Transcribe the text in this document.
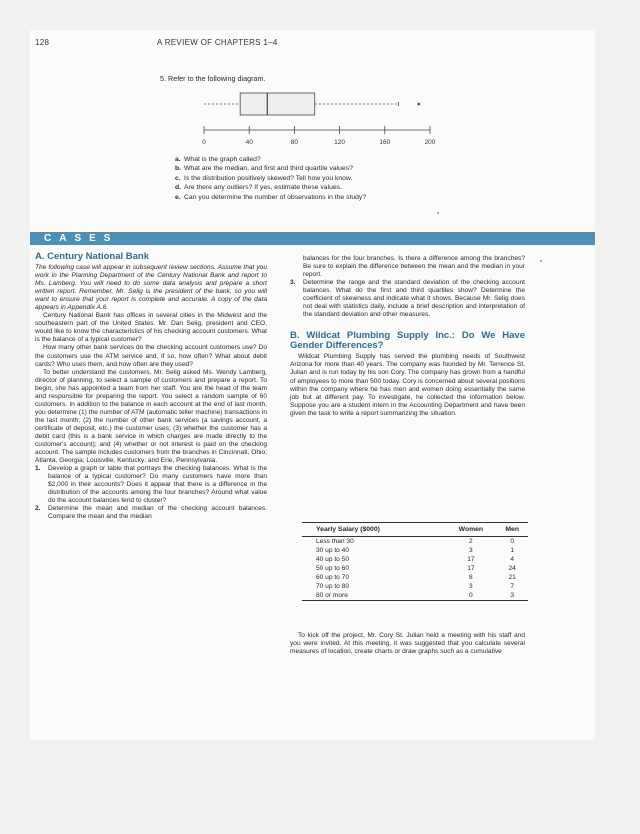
128	A REVIEW OF CHAPTERS 1–4
5. Refer to the following diagram.
0	40	80	120	160	200
a. What is the graph called?
b. What are the median, and first and third quartile values?
c. Is the distribution positively skewed? Tell how you know.
d. Are there any outliers? If yes, estimate these values.
e. Can you determine the number of observations in the study?
CASES
A. Century National Bank

The following case will appear in subsequent review sections. Assume that you work in the Planning Department of the Century National Bank and report to Ms. Lamberg. You will need to do some data analysis and prepare a short written report. Remember, Mr. Selig is the president of the bank, so you will want to ensure that your report is complete and accurate. A copy of the data appears in Appendix A.6.

Century National Bank has offices in several cities in the Midwest and the southeastern part of the United States. Mr. Dan Selig, president and CEO, would like to know the characteristics of his checking account customers. What is the balance of a typical customer?

How many other bank services do the checking account customers use? Do the customers use the ATM service and, if so, how often? What about debit cards? Who uses them, and how often are they used?

To better understand the customers, Mr. Selig asked Ms. Wendy Lamberg, director of planning, to select a sample of customers and prepare a report. To begin, she has appointed a team from her staff. You are the head of the team and responsible for preparing the report. You select a random sample of 60 customers. In addition to the balance in each account at the end of last month, you determine (1) the number of ATM (automatic teller machine) transactions in the last month; (2) the number of other bank services (a savings account, a certificate of deposit, etc.) the customer uses; (3) whether the customer has a debit card (this is a bank service in which charges are made directly to the customer's account); and (4) whether or not interest is paid on the checking account. The sample includes customers from the branches in Cincinnati, Ohio; Atlanta, Georgia; Louisville, Kentucky; and Erie, Pennsylvania.

1.	Develop a graph or table that portrays the checking balances. What is the balance of a typical customer? Do many customers have more than $2,000 in their accounts? Does it appear that there is a difference in the distribution of the accounts among the four branches? Around what value do the account balances tend to cluster?
2.	Determine the mean and median of the checking account balances. Compare the mean and the median

balances for the four branches. Is there a difference among the branches? Be sure to explain the difference between the mean and the median in your report.

3.	Determine the range and the standard deviation of the checking account balances. What do the first and third quartiles show? Determine the coefficient of skewness and indicate what it shows. Because Mr. Selig does not deal with statistics daily, include a brief description and interpretation of the standard deviation and other measures.
B. Wildcat Plumbing Supply Inc.: Do We Have Gender Differences?

Wildcat Plumbing Supply has served the plumbing needs of Southwest Arizona for more than 40 years. The company was founded by Mr. Terrence St. Julian and is run today by his son Cory. The company has grown from a handful of employees to more than 500 today. Cory is concerned about several positions within the company where he has men and women doing essentially the same job but at different pay. To investigate, he collected the information below. Suppose you are a student intern in the Accounting Department and have been given the task to write a report summarizing the situation.

Yearly Salary ($000)	Women	Men
Less than 30	2	0
30 up to 40	3	1
40 up to 50	17	4
50 up to 60	17	24
60 up to 70	8	21
70 up to 80	3	7
80 or more	0	3

To kick off the project, Mr. Cory St. Julian held a meeting with his staff and you were invited. At this meeting, it was suggested that you calculate several measures of location, create charts or draw graphs such as a cumulative
